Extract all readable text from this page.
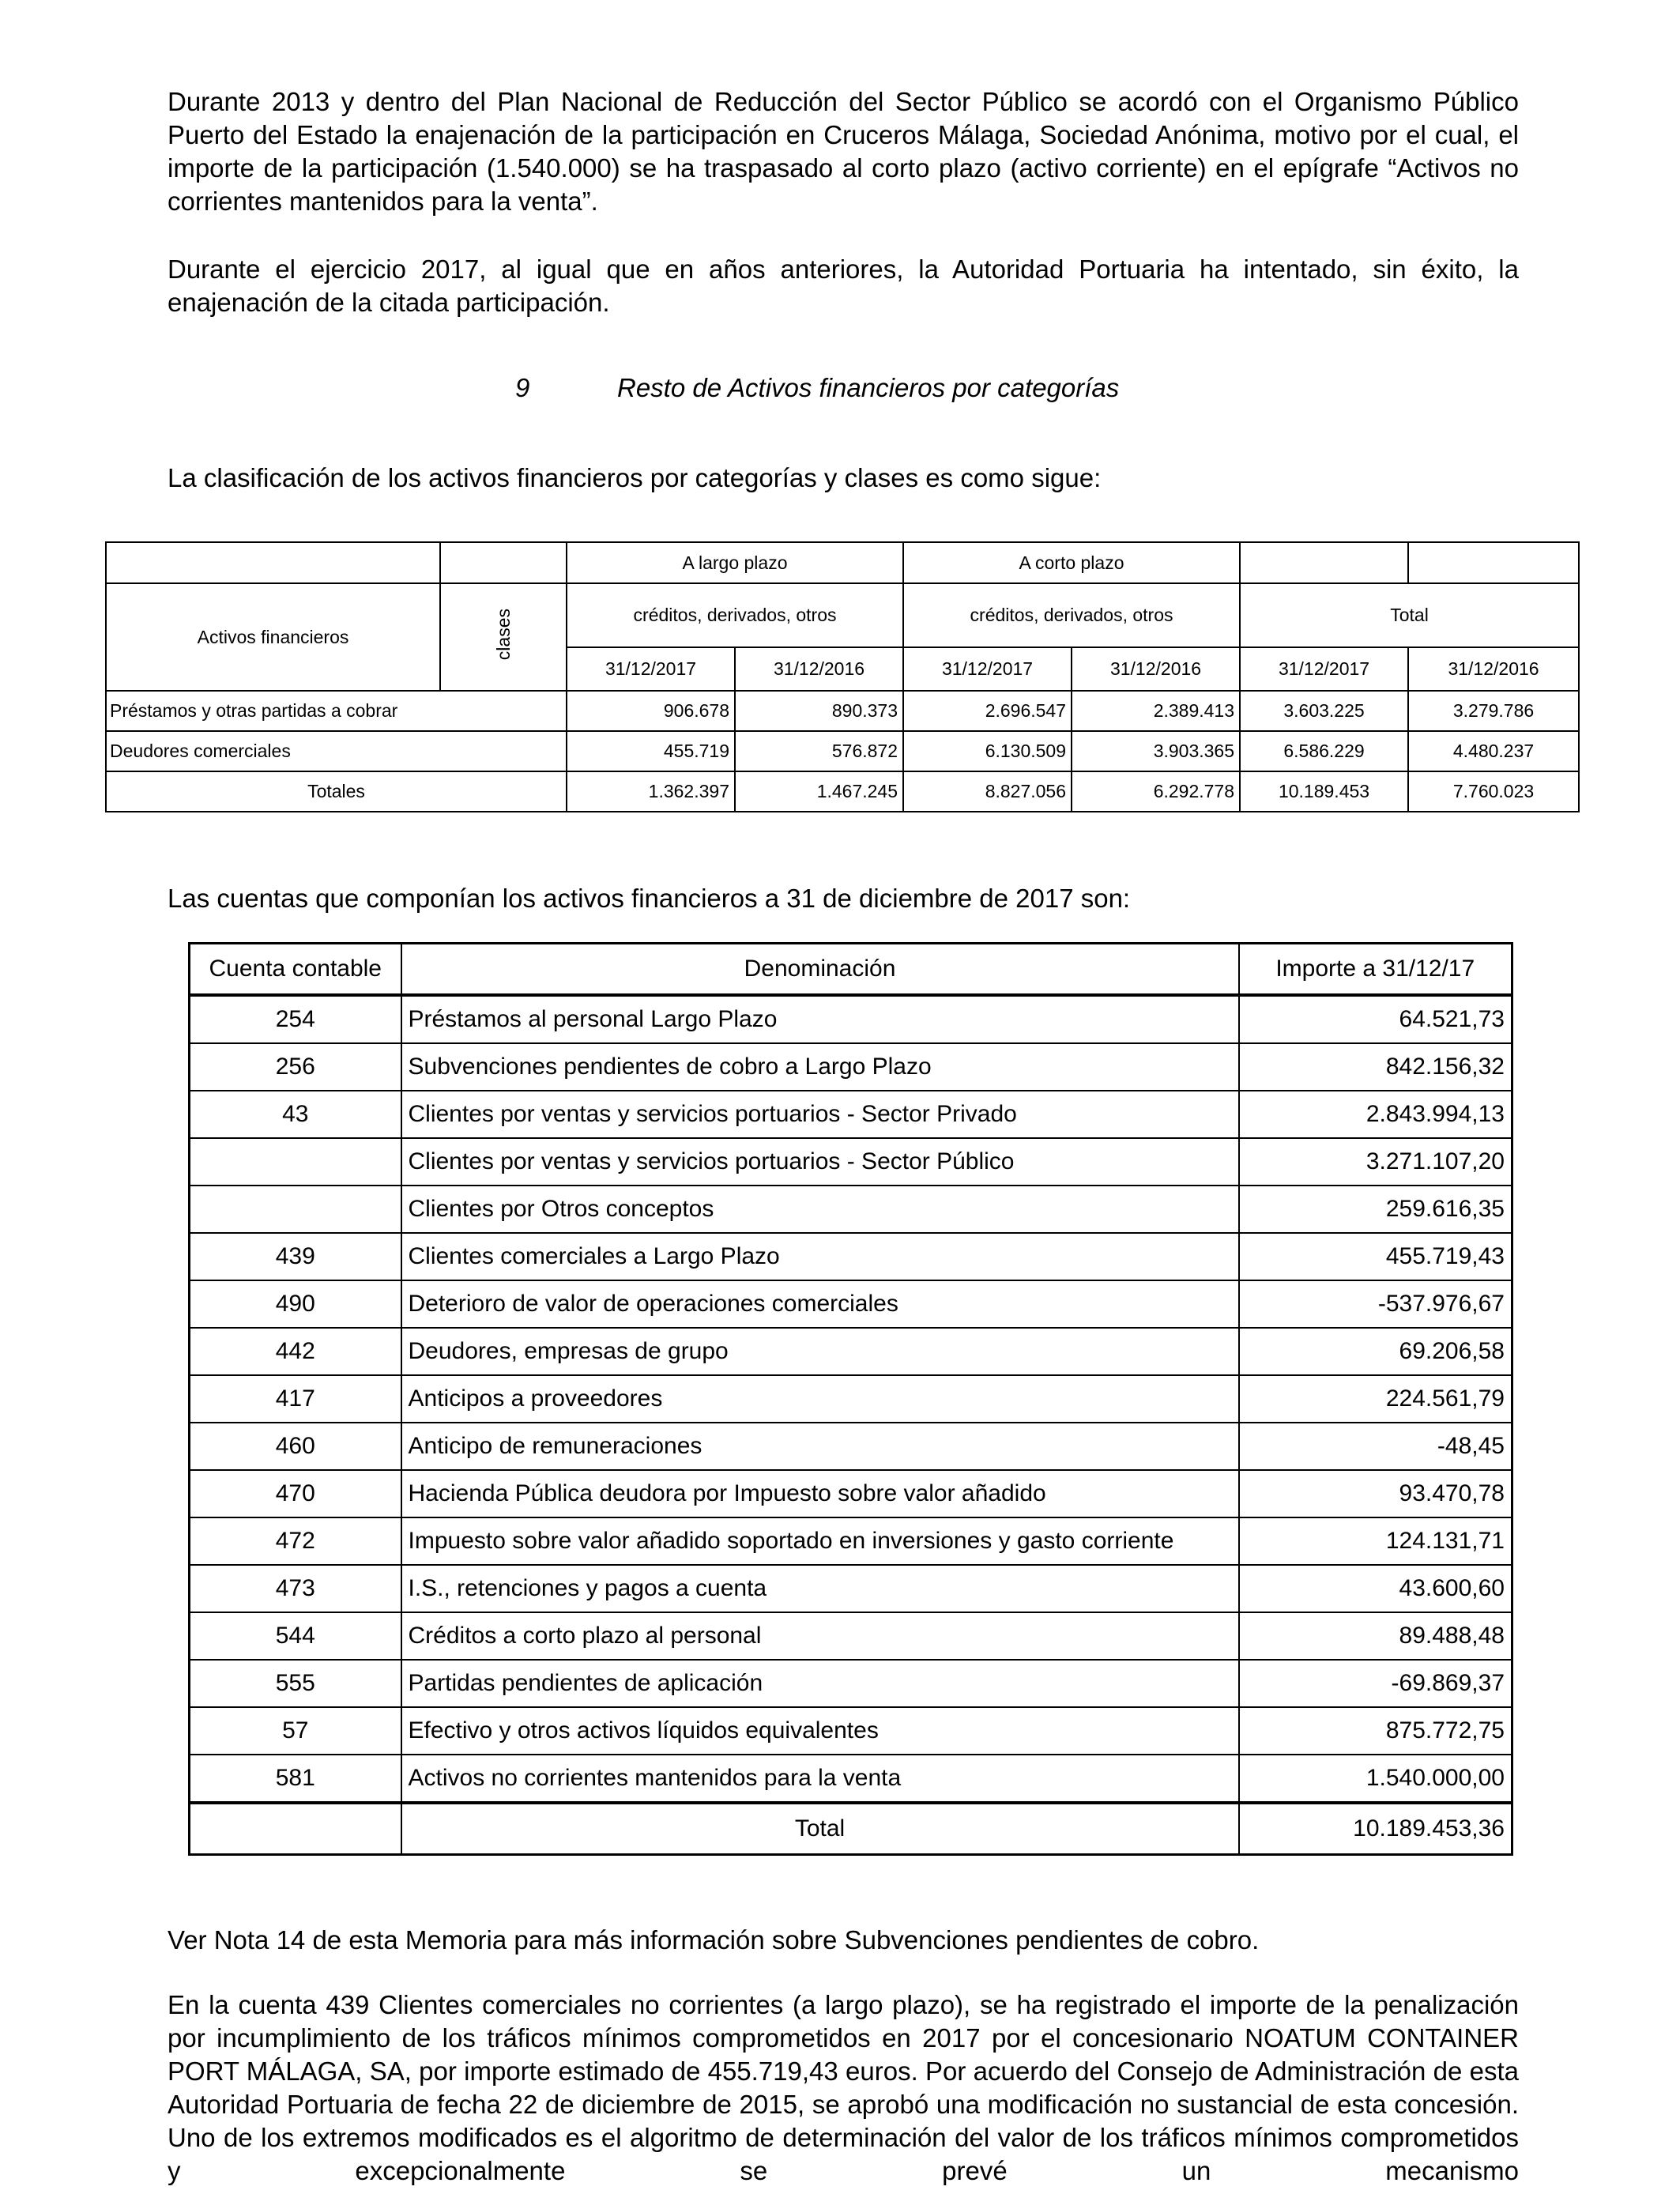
Durante 2013 y dentro del Plan Nacional de Reducción del Sector Público se acordó con el Organismo Público Puerto del Estado la enajenación de la participación en Cruceros Málaga, Sociedad Anónima, motivo por el cual, el importe de la participación (1.540.000) se ha traspasado al corto plazo (activo corriente) en el epígrafe “Activos no corrientes mantenidos para la venta”.

Durante el ejercicio 2017, al igual que en años anteriores, la Autoridad Portuaria ha intentado, sin éxito, la enajenación de la citada participación.

9	Resto de Activos financieros por categorías

La clasificación de los activos financieros por categorías y clases es como sigue:

		A largo plazo		A corto plazo			
Activos financieros	clases	créditos, derivados, otros		créditos, derivados, otros		Total	
		31/12/2017	31/12/2016	31/12/2017	31/12/2016	31/12/2017	31/12/2016
Préstamos y otras partidas a cobrar		906.678	890.373	2.696.547	2.389.413	3.603.225	3.279.786
Deudores comerciales		455.719	576.872	6.130.509	3.903.365	6.586.229	4.480.237
Totales		1.362.397	1.467.245	8.827.056	6.292.778	10.189.453	7.760.023

Las cuentas que componían los activos financieros a 31 de diciembre de 2017 son:

Cuenta contable	Denominación	Importe a 31/12/17
254	Préstamos al personal Largo Plazo	64.521,73
256	Subvenciones pendientes de cobro a Largo Plazo	842.156,32
43	Clientes por ventas y servicios portuarios - Sector Privado	2.843.994,13
	Clientes por ventas y servicios portuarios - Sector Público	3.271.107,20
	Clientes por Otros conceptos	259.616,35
439	Clientes comerciales a Largo Plazo	455.719,43
490	Deterioro de valor de operaciones comerciales	-537.976,67
442	Deudores, empresas de grupo	69.206,58
417	Anticipos a proveedores	224.561,79
460	Anticipo de remuneraciones	-48,45
470	Hacienda Pública deudora por Impuesto sobre valor añadido	93.470,78
472	Impuesto sobre valor añadido soportado en inversiones y gasto corriente	124.131,71
473	I.S., retenciones y pagos a cuenta	43.600,60
544	Créditos a corto plazo al personal	89.488,48
555	Partidas pendientes de aplicación	-69.869,37
57	Efectivo y otros activos líquidos equivalentes	875.772,75
581	Activos no corrientes mantenidos para la venta	1.540.000,00
	Total	10.189.453,36

Ver Nota 14 de esta Memoria para más información sobre Subvenciones pendientes de cobro.

En la cuenta 439 Clientes comerciales no corrientes (a largo plazo), se ha registrado el importe de la penalización por incumplimiento de los tráficos mínimos comprometidos en 2017 por el concesionario NOATUM CONTAINER PORT MÁLAGA, SA, por importe estimado de 455.719,43 euros. Por acuerdo del Consejo de Administración de esta Autoridad Portuaria de fecha 22 de diciembre de 2015, se aprobó una modificación no sustancial de esta concesión. Uno de los extremos modificados es el algoritmo de determinación del valor de los tráficos mínimos comprometidos y excepcionalmente se prevé un mecanismo
